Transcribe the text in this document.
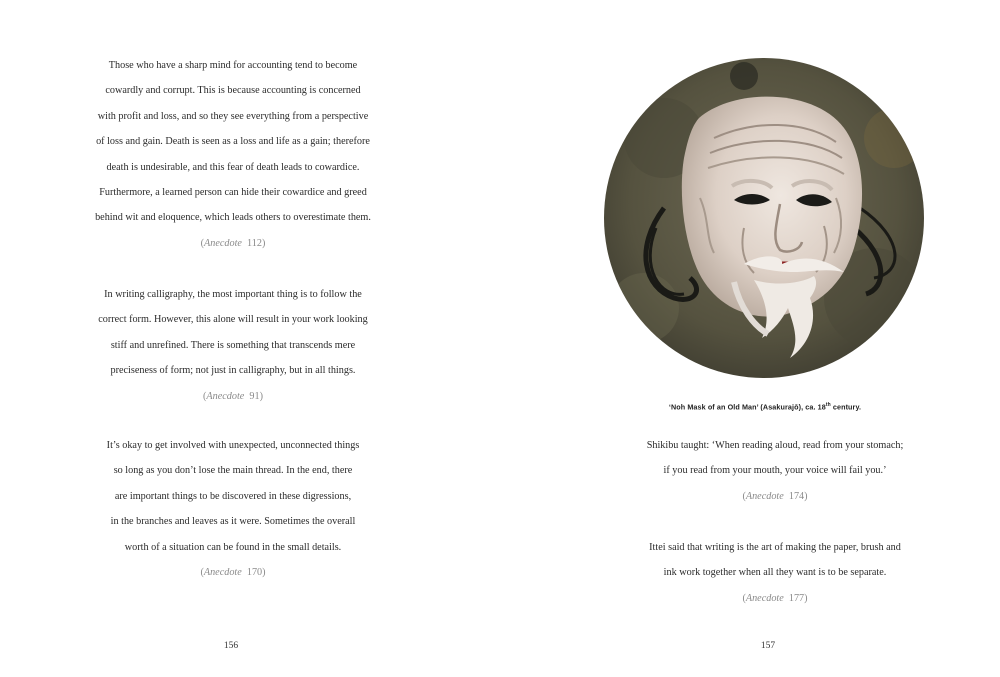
Those who have a sharp mind for accounting tend to become
cowardly and corrupt. This is because accounting is concerned
with profit and loss, and so they see everything from a perspective
of loss and gain. Death is seen as a loss and life as a gain; therefore
death is undesirable, and this fear of death leads to cowardice.
Furthermore, a learned person can hide their cowardice and greed
behind wit and eloquence, which leads others to overestimate them.

(Anecdote 112)

In writing calligraphy, the most important thing is to follow the
correct form. However, this alone will result in your work looking
stiff and unrefined. There is something that transcends mere
preciseness of form; not just in calligraphy, but in all things.

(Anecdote 91)

It’s okay to get involved with unexpected, unconnected things
so long as you don’t lose the main thread. In the end, there
are important things to be discovered in these digressions,
in the branches and leaves as it were. Sometimes the overall
worth of a situation can be found in the small details.

(Anecdote 170)
156
‘Noh Mask of an Old Man’ (Asakurajō), ca. 18th century.

Shikibu taught: ‘When reading aloud, read from your stomach;
if you read from your mouth, your voice will fail you.’

(Anecdote 174)

Ittei said that writing is the art of making the paper, brush and
ink work together when all they want is to be separate.

(Anecdote 177)
157
